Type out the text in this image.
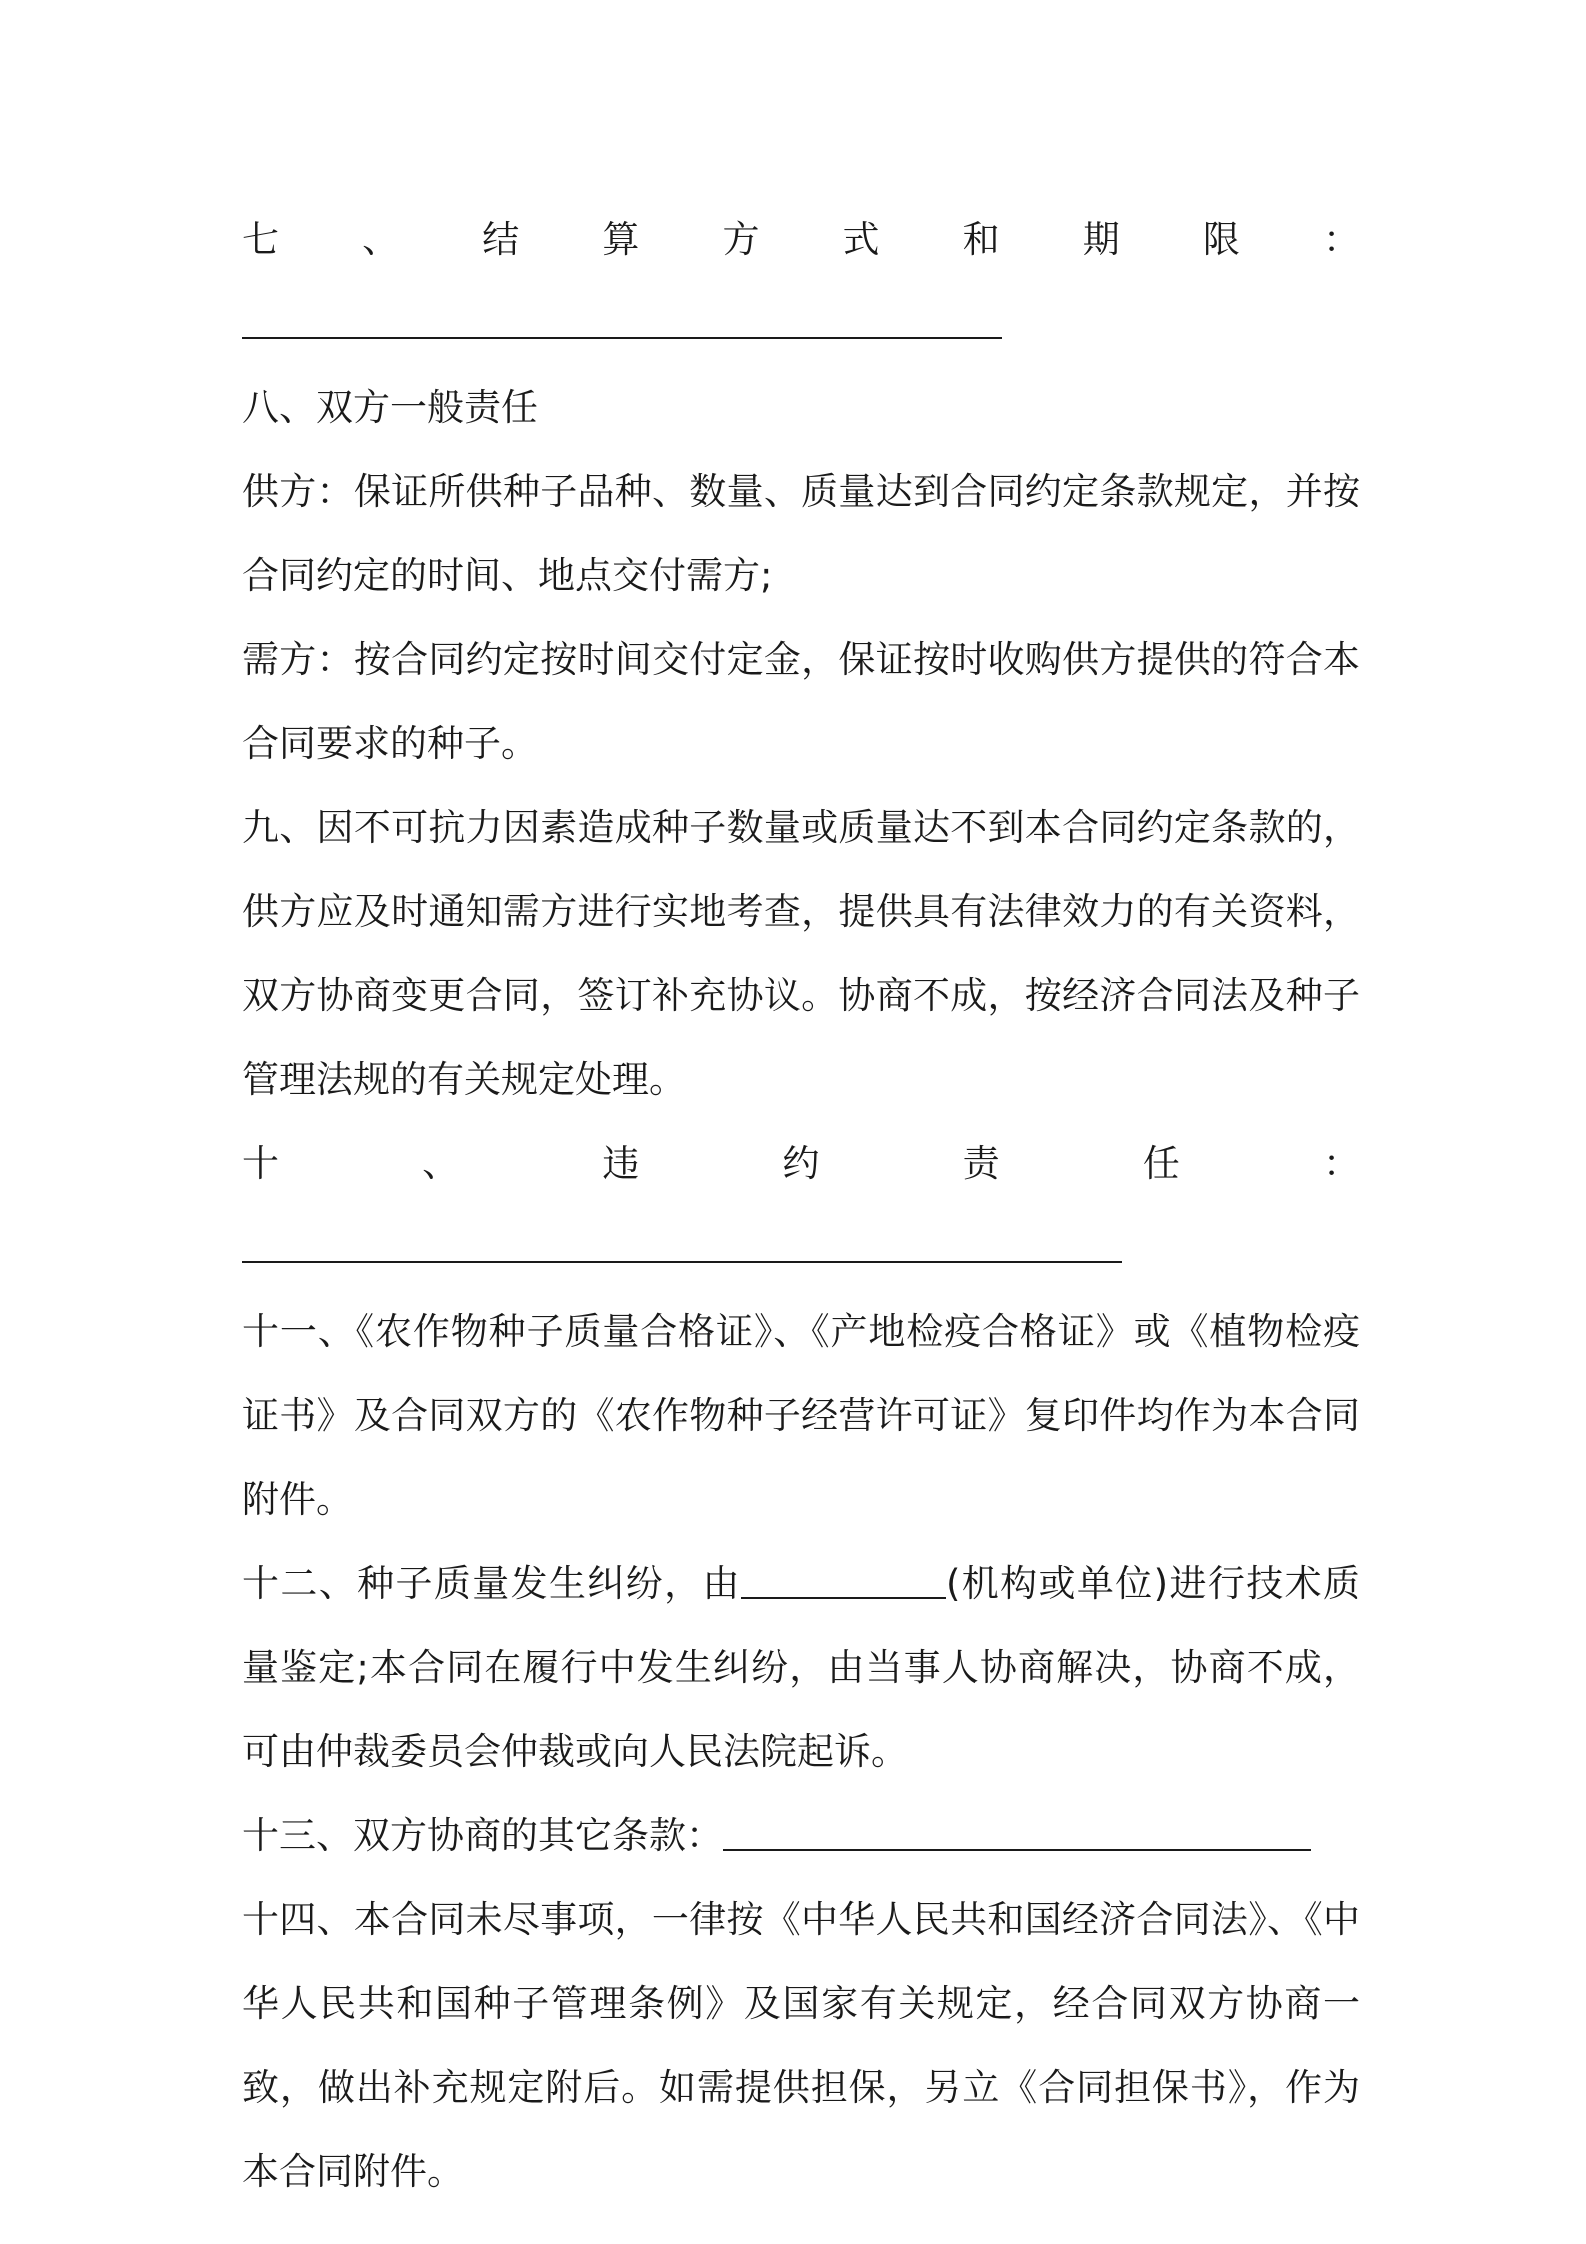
七、结算方式和期限：

八、双方一般责任

供方：保证所供种子品种、数量、质量达到合同约定条款规定，并按合同约定的时间、地点交付需方;

需方：按合同约定按时间交付定金，保证按时收购供方提供的符合本合同要求的种子。

九、因不可抗力因素造成种子数量或质量达不到本合同约定条款的，供方应及时通知需方进行实地考查，提供具有法律效力的有关资料，双方协商变更合同，签订补充协议。协商不成，按经济合同法及种子管理法规的有关规定处理。

十、违约责任：

十一、《农作物种子质量合格证》、《产地检疫合格证》或《植物检疫证书》及合同双方的《农作物种子经营许可证》复印件均作为本合同附件。

十二、种子质量发生纠纷，由	(机构或单位)进行技术质量鉴定;本合同在履行中发生纠纷，由当事人协商解决，协商不成，可由仲裁委员会仲裁或向人民法院起诉。

十三、双方协商的其它条款：

十四、本合同未尽事项，一律按《中华人民共和国经济合同法》、《中华人民共和国种子管理条例》及国家有关规定，经合同双方协商一致，做出补充规定附后。如需提供担保，另立《合同担保书》，作为本合同附件。
